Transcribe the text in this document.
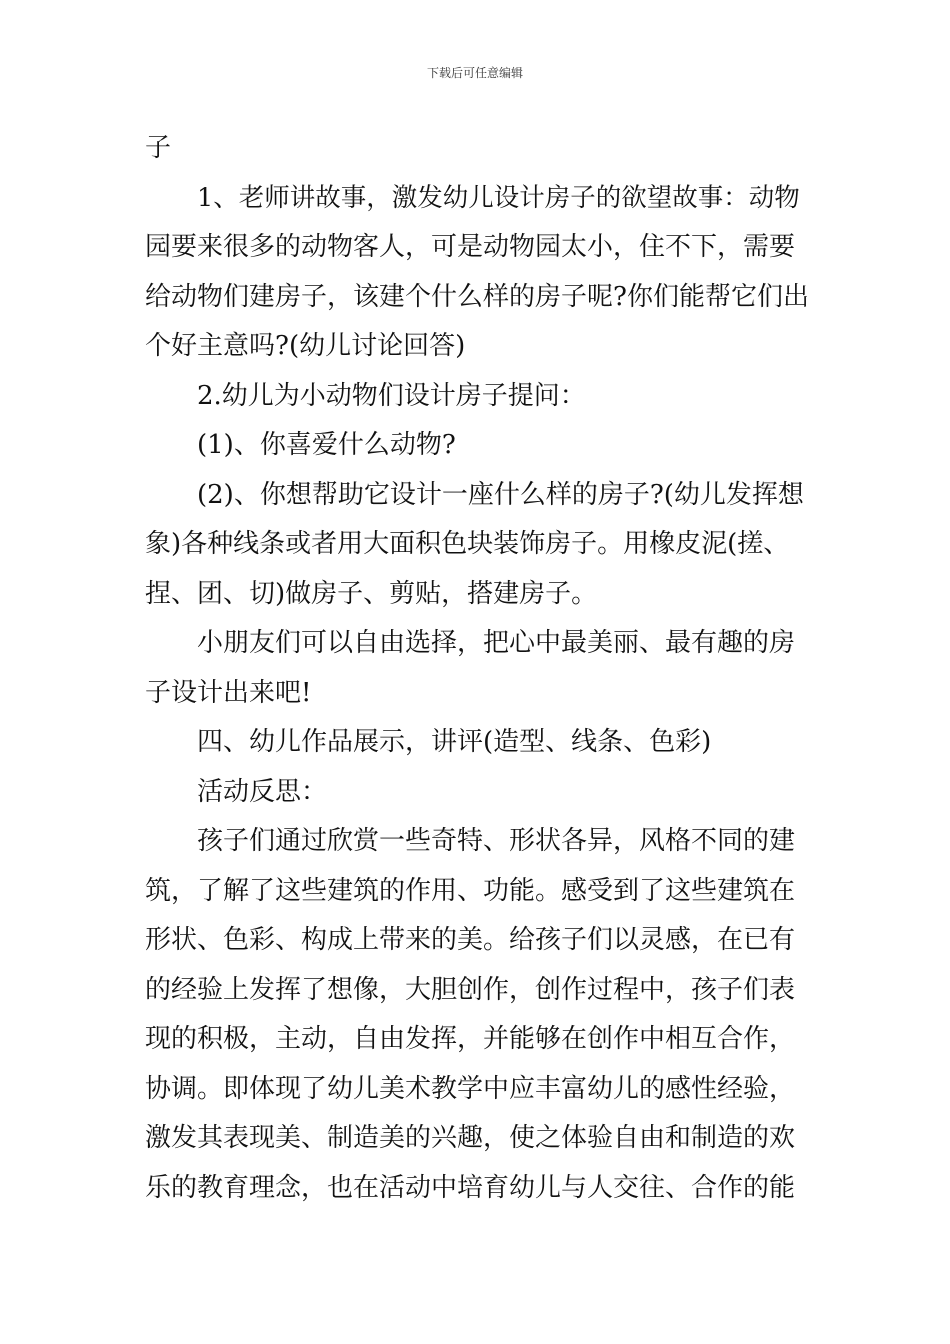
下载后可任意编辑
子
1、老师讲故事，激发幼儿设计房子的欲望故事：动物
园要来很多的动物客人，可是动物园太小，住不下，需要
给动物们建房子，该建个什么样的房子呢?你们能帮它们出
个好主意吗?(幼儿讨论回答)
2.幼儿为小动物们设计房子提问：
(1)、你喜爱什么动物?
(2)、你想帮助它设计一座什么样的房子?(幼儿发挥想
象)各种线条或者用大面积色块装饰房子。用橡皮泥(搓、
捏、团、切)做房子、剪贴，搭建房子。
小朋友们可以自由选择，把心中最美丽、最有趣的房
子设计出来吧!
四、幼儿作品展示，讲评(造型、线条、色彩)
活动反思：
孩子们通过欣赏一些奇特、形状各异，风格不同的建
筑，了解了这些建筑的作用、功能。感受到了这些建筑在
形状、色彩、构成上带来的美。给孩子们以灵感，在已有
的经验上发挥了想像，大胆创作，创作过程中，孩子们表
现的积极，主动，自由发挥，并能够在创作中相互合作，
协调。即体现了幼儿美术教学中应丰富幼儿的感性经验，
激发其表现美、制造美的兴趣，使之体验自由和制造的欢
乐的教育理念，也在活动中培育幼儿与人交往、合作的能
